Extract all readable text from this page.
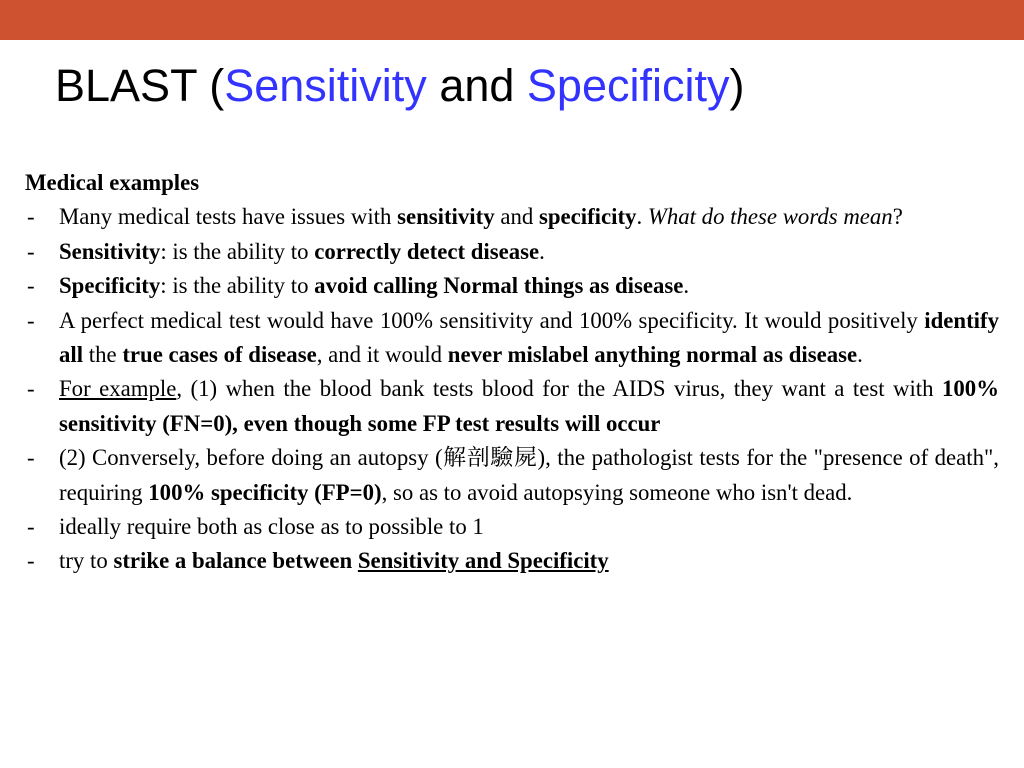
BLAST (Sensitivity and Specificity)
Medical examples
- Many medical tests have issues with sensitivity and specificity. What do these words mean?
- Sensitivity: is the ability to correctly detect disease.
- Specificity: is the ability to avoid calling Normal things as disease.
- A perfect medical test would have 100% sensitivity and 100% specificity. It would positively identify all the true cases of disease, and it would never mislabel anything normal as disease.
- For example, (1) when the blood bank tests blood for the AIDS virus, they want a test with 100% sensitivity (FN=0), even though some FP test results will occur
- (2) Conversely, before doing an autopsy (解剖驗屍), the pathologist tests for the "presence of death", requiring 100% specificity (FP=0), so as to avoid autopsying someone who isn't dead.
- ideally require both as close as to possible to 1
- try to strike a balance between Sensitivity and Specificity
